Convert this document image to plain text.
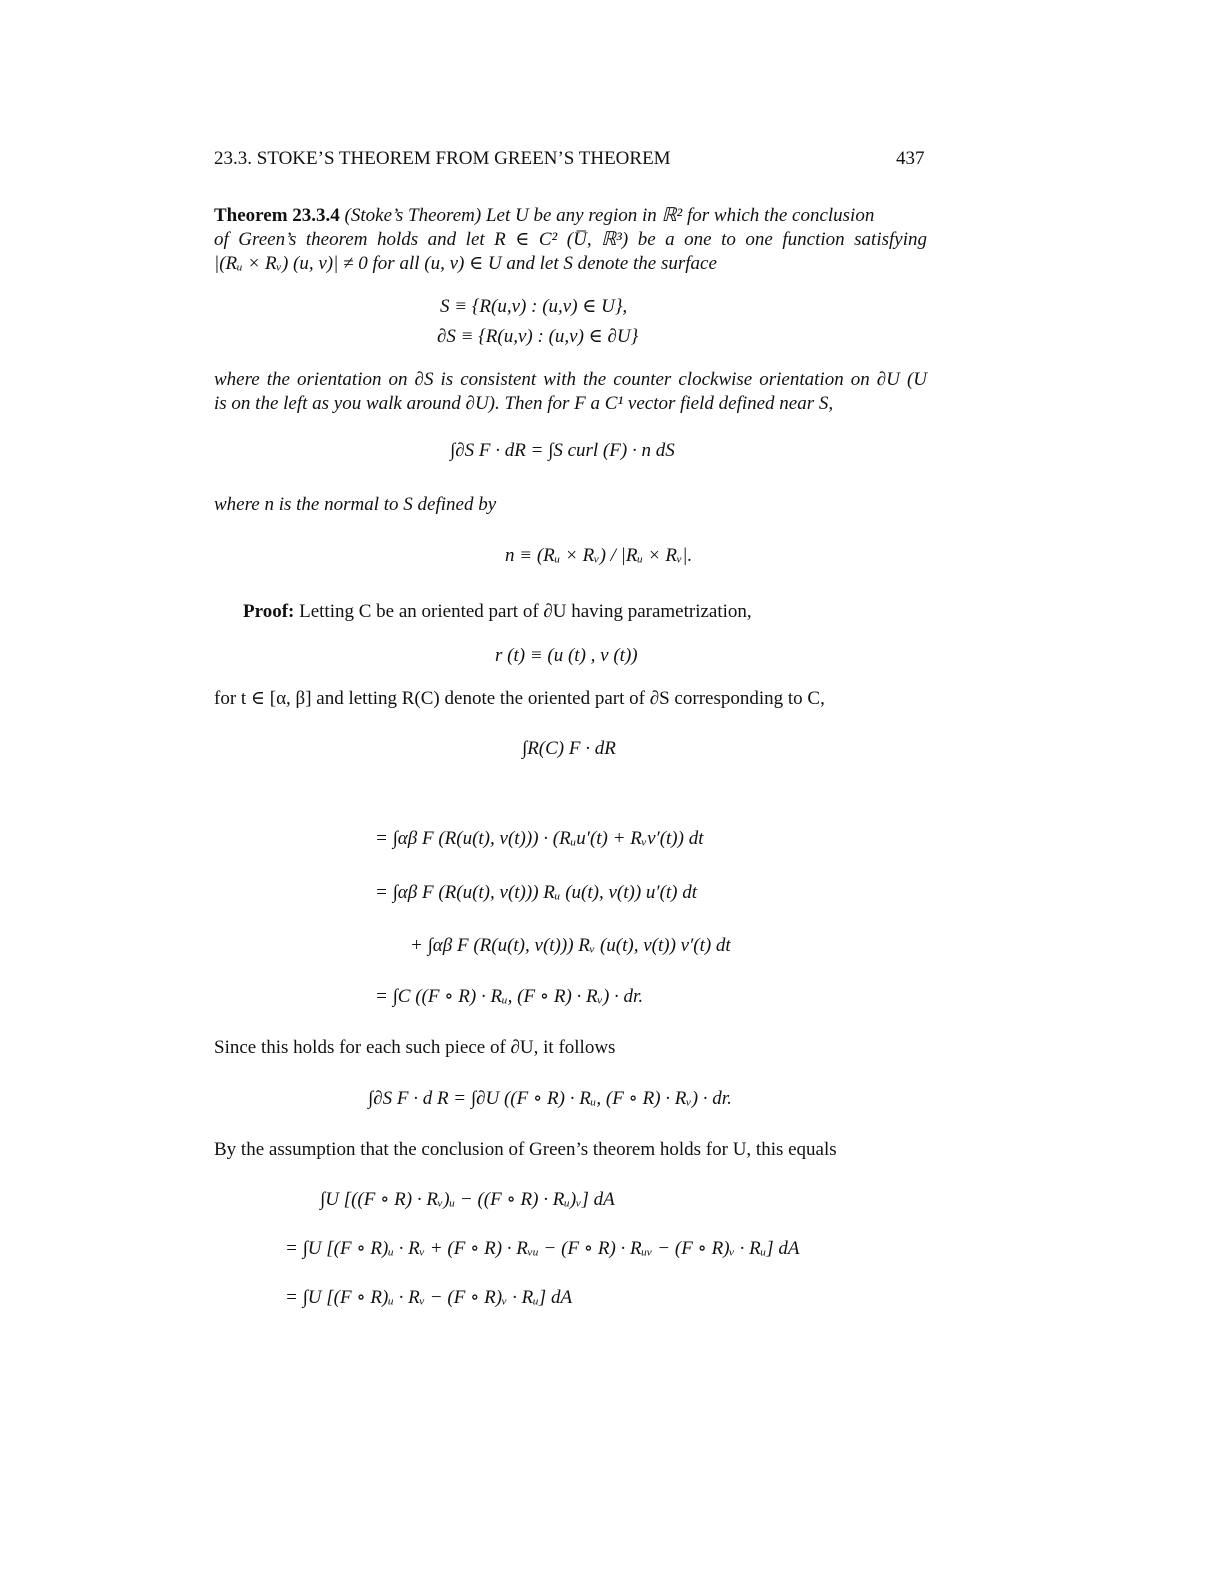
23.3. STOKE’S THEOREM FROM GREEN’S THEOREM	437
Theorem 23.3.4 (Stoke’s Theorem) Let U be any region in ℝ² for which the conclusion
of Green’s theorem holds and let R ∈ C² (U̅, ℝ³) be a one to one function satisfying
|(Rᵤ × Rᵥ) (u, v)| ≠ 0 for all (u, v) ∈ U and let S denote the surface
S ≡ {R(u,v) : (u,v) ∈ U},
∂S ≡ {R(u,v) : (u,v) ∈ ∂U}
where the orientation on ∂S is consistent with the counter clockwise orientation on ∂U (U
is on the left as you walk around ∂U). Then for F a C¹ vector field defined near S,
∫∂S F · dR = ∫S curl (F) · n dS
where n is the normal to S defined by
n ≡ (Rᵤ × Rᵥ) / |Rᵤ × Rᵥ|.
Proof: Letting C be an oriented part of ∂U having parametrization,
r (t) ≡ (u (t) , v (t))
for t ∈ [α, β] and letting R(C) denote the oriented part of ∂S corresponding to C,
∫R(C) F · dR
= ∫αβ F (R(u(t), v(t))) · (Rᵤu′(t) + Rᵥv′(t)) dt
= ∫αβ F (R(u(t), v(t))) Rᵤ (u(t), v(t)) u′(t) dt
+ ∫αβ F (R(u(t), v(t))) Rᵥ (u(t), v(t)) v′(t) dt
= ∫C ((F ∘ R) · Rᵤ, (F ∘ R) · Rᵥ) · dr.
Since this holds for each such piece of ∂U, it follows
∫∂S F · d R = ∫∂U ((F ∘ R) · Rᵤ, (F ∘ R) · Rᵥ) · dr.
By the assumption that the conclusion of Green’s theorem holds for U, this equals
∫U [((F ∘ R) · Rᵥ)ᵤ − ((F ∘ R) · Rᵤ)ᵥ] dA
= ∫U [(F ∘ R)ᵤ · Rᵥ + (F ∘ R) · Rᵥᵤ − (F ∘ R) · Rᵤᵥ − (F ∘ R)ᵥ · Rᵤ] dA
= ∫U [(F ∘ R)ᵤ · Rᵥ − (F ∘ R)ᵥ · Rᵤ] dA
